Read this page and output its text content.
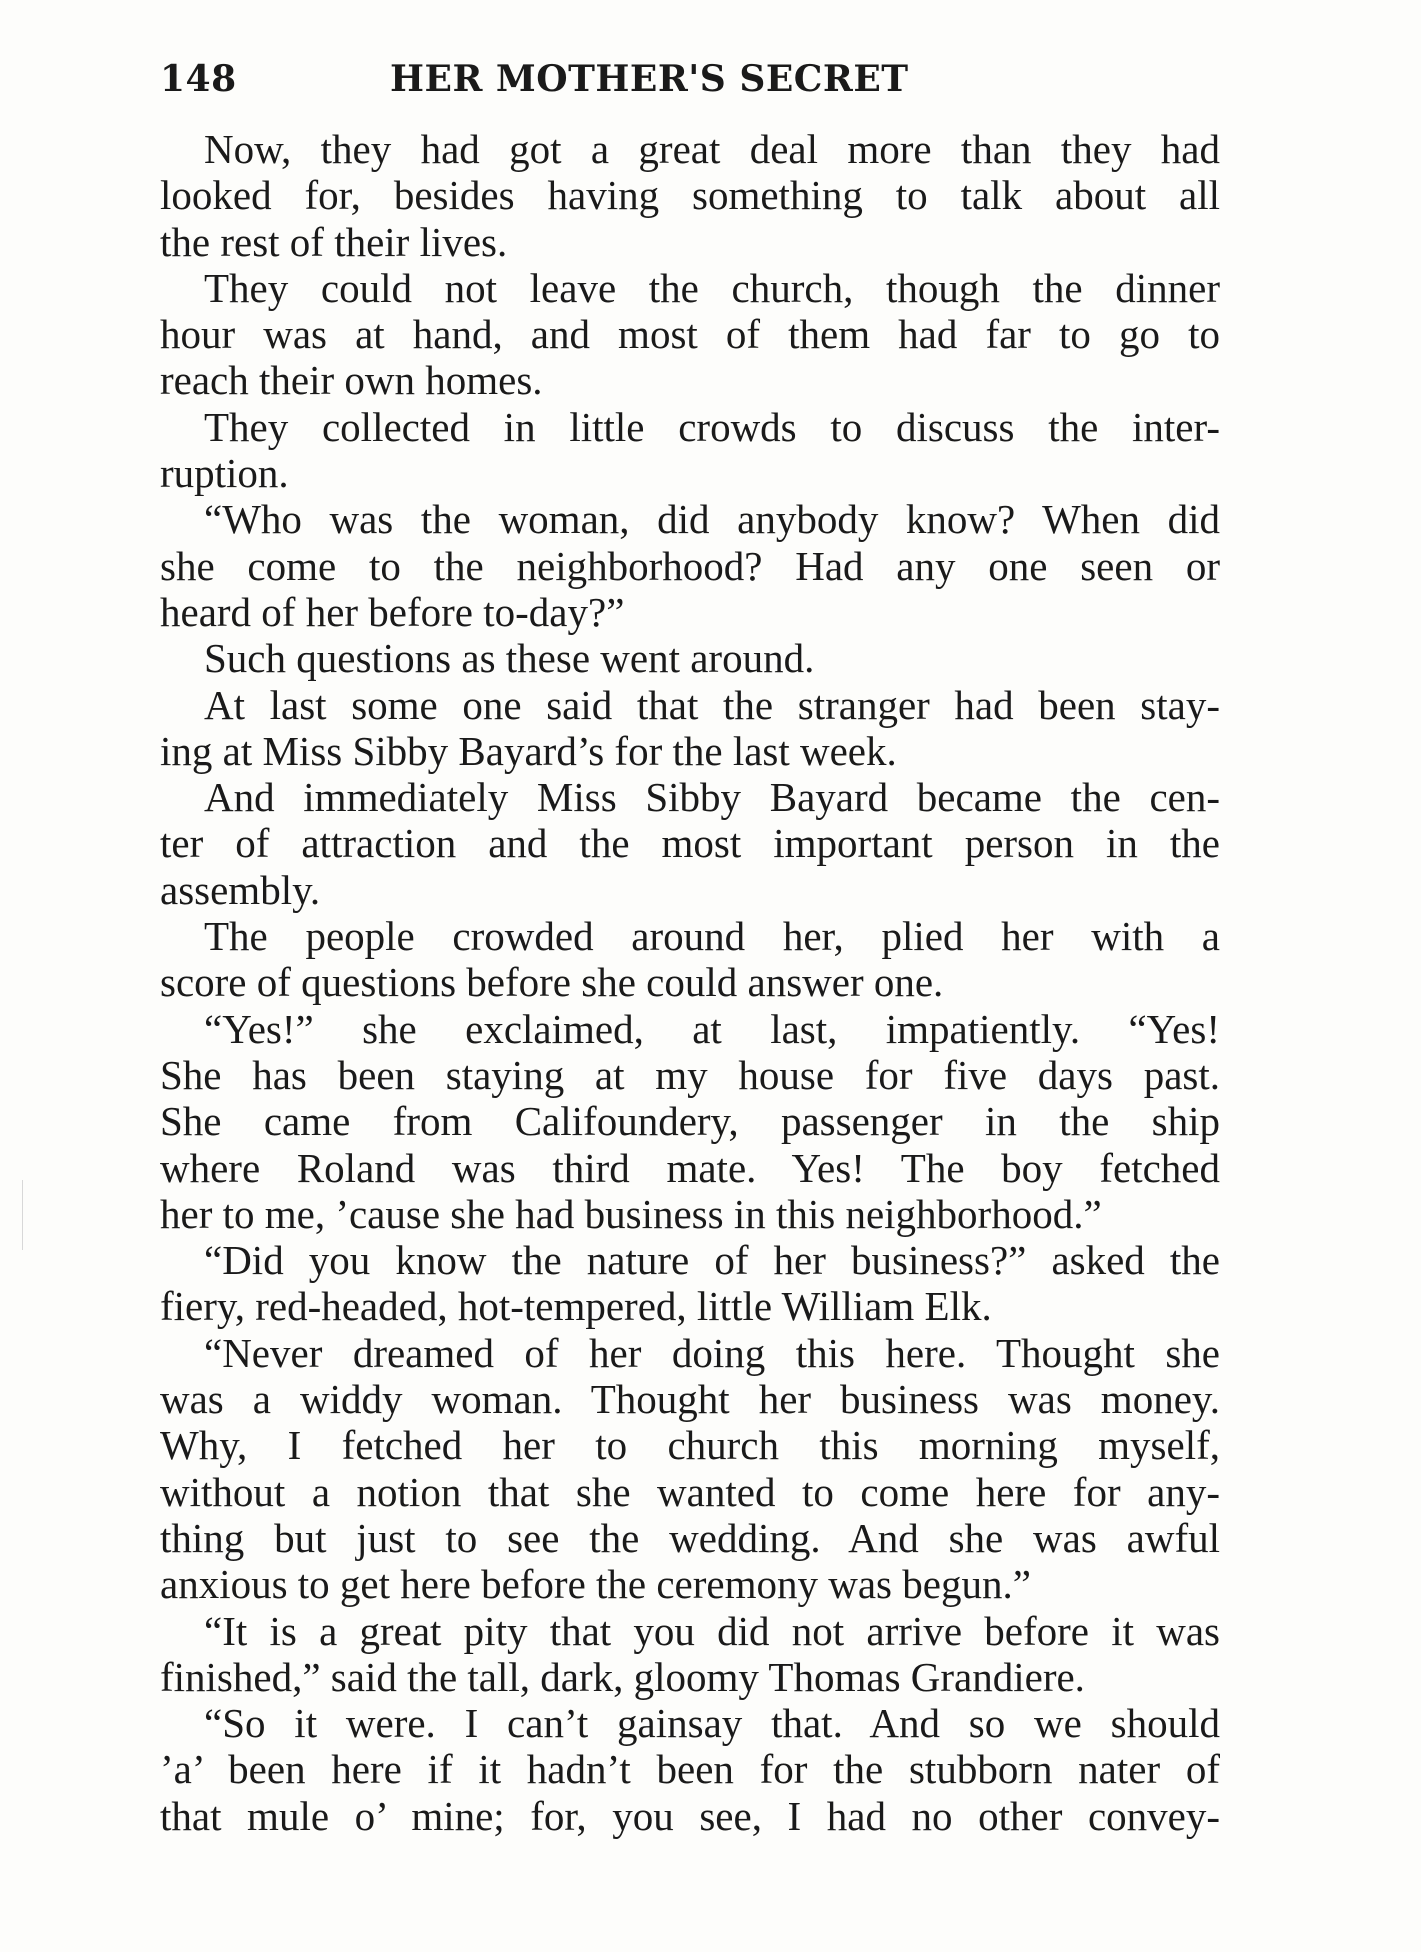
148	HER MOTHER'S SECRET
Now, they had got a great deal more than they had
looked for, besides having something to talk about all
the rest of their lives.
They could not leave the church, though the dinner
hour was at hand, and most of them had far to go to
reach their own homes.
They collected in little crowds to discuss the inter-
ruption.
“Who was the woman, did anybody know? When did
she come to the neighborhood? Had any one seen or
heard of her before to-day?”
Such questions as these went around.
At last some one said that the stranger had been stay-
ing at Miss Sibby Bayard’s for the last week.
And immediately Miss Sibby Bayard became the cen-
ter of attraction and the most important person in the
assembly.
The people crowded around her, plied her with a
score of questions before she could answer one.
“Yes!” she exclaimed, at last, impatiently. “Yes!
She has been staying at my house for five days past.
She came from Califoundery, passenger in the ship
where Roland was third mate. Yes! The boy fetched
her to me, ’cause she had business in this neighborhood.”
“Did you know the nature of her business?” asked the
fiery, red-headed, hot-tempered, little William Elk.
“Never dreamed of her doing this here. Thought she
was a widdy woman. Thought her business was money.
Why, I fetched her to church this morning myself,
without a notion that she wanted to come here for any-
thing but just to see the wedding. And she was awful
anxious to get here before the ceremony was begun.”
“It is a great pity that you did not arrive before it was
finished,” said the tall, dark, gloomy Thomas Grandiere.
“So it were. I can’t gainsay that. And so we should
’a’ been here if it hadn’t been for the stubborn nater of
that mule o’ mine; for, you see, I had no other convey-
